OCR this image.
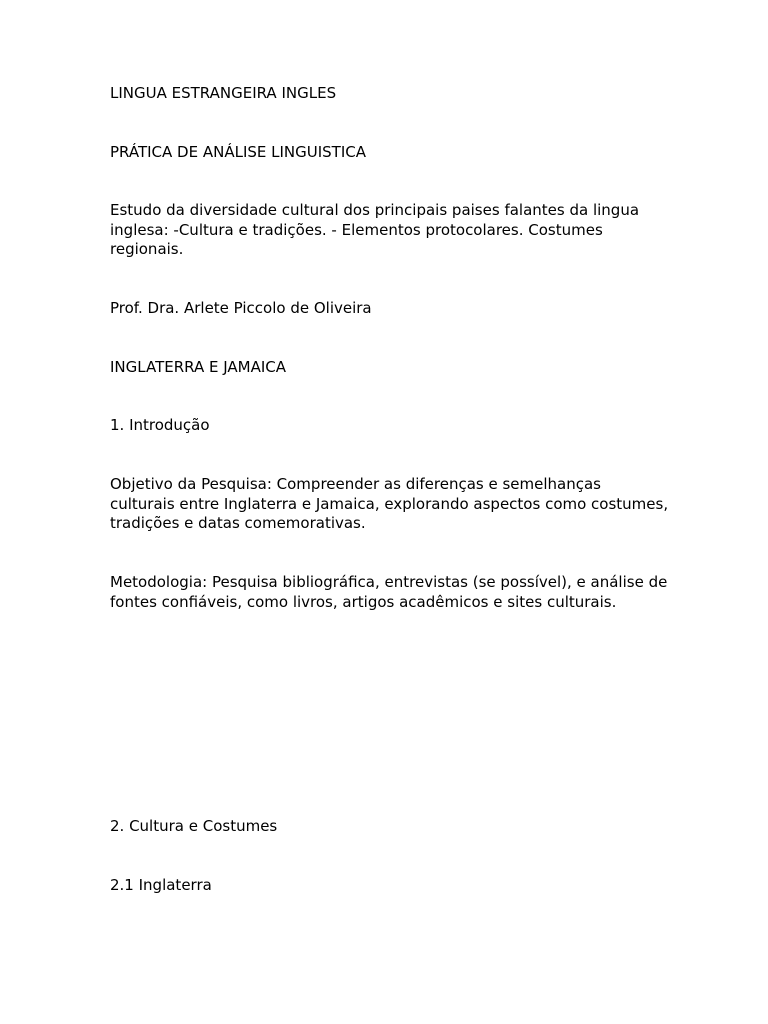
LINGUA ESTRANGEIRA INGLES

PRÁTICA DE ANÁLISE LINGUISTICA

Estudo da diversidade cultural dos principais paises falantes da lingua inglesa: -Cultura e tradições. - Elementos protocolares. Costumes regionais.

Prof. Dra. Arlete Piccolo de Oliveira

INGLATERRA E JAMAICA

1. Introdução

Objetivo da Pesquisa: Compreender as diferenças e semelhanças culturais entre Inglaterra e Jamaica, explorando aspectos como costumes, tradições e datas comemorativas.

Metodologia: Pesquisa bibliográfica, entrevistas (se possível), e análise de fontes confiáveis, como livros, artigos acadêmicos e sites culturais.

2. Cultura e Costumes

2.1 Inglaterra
